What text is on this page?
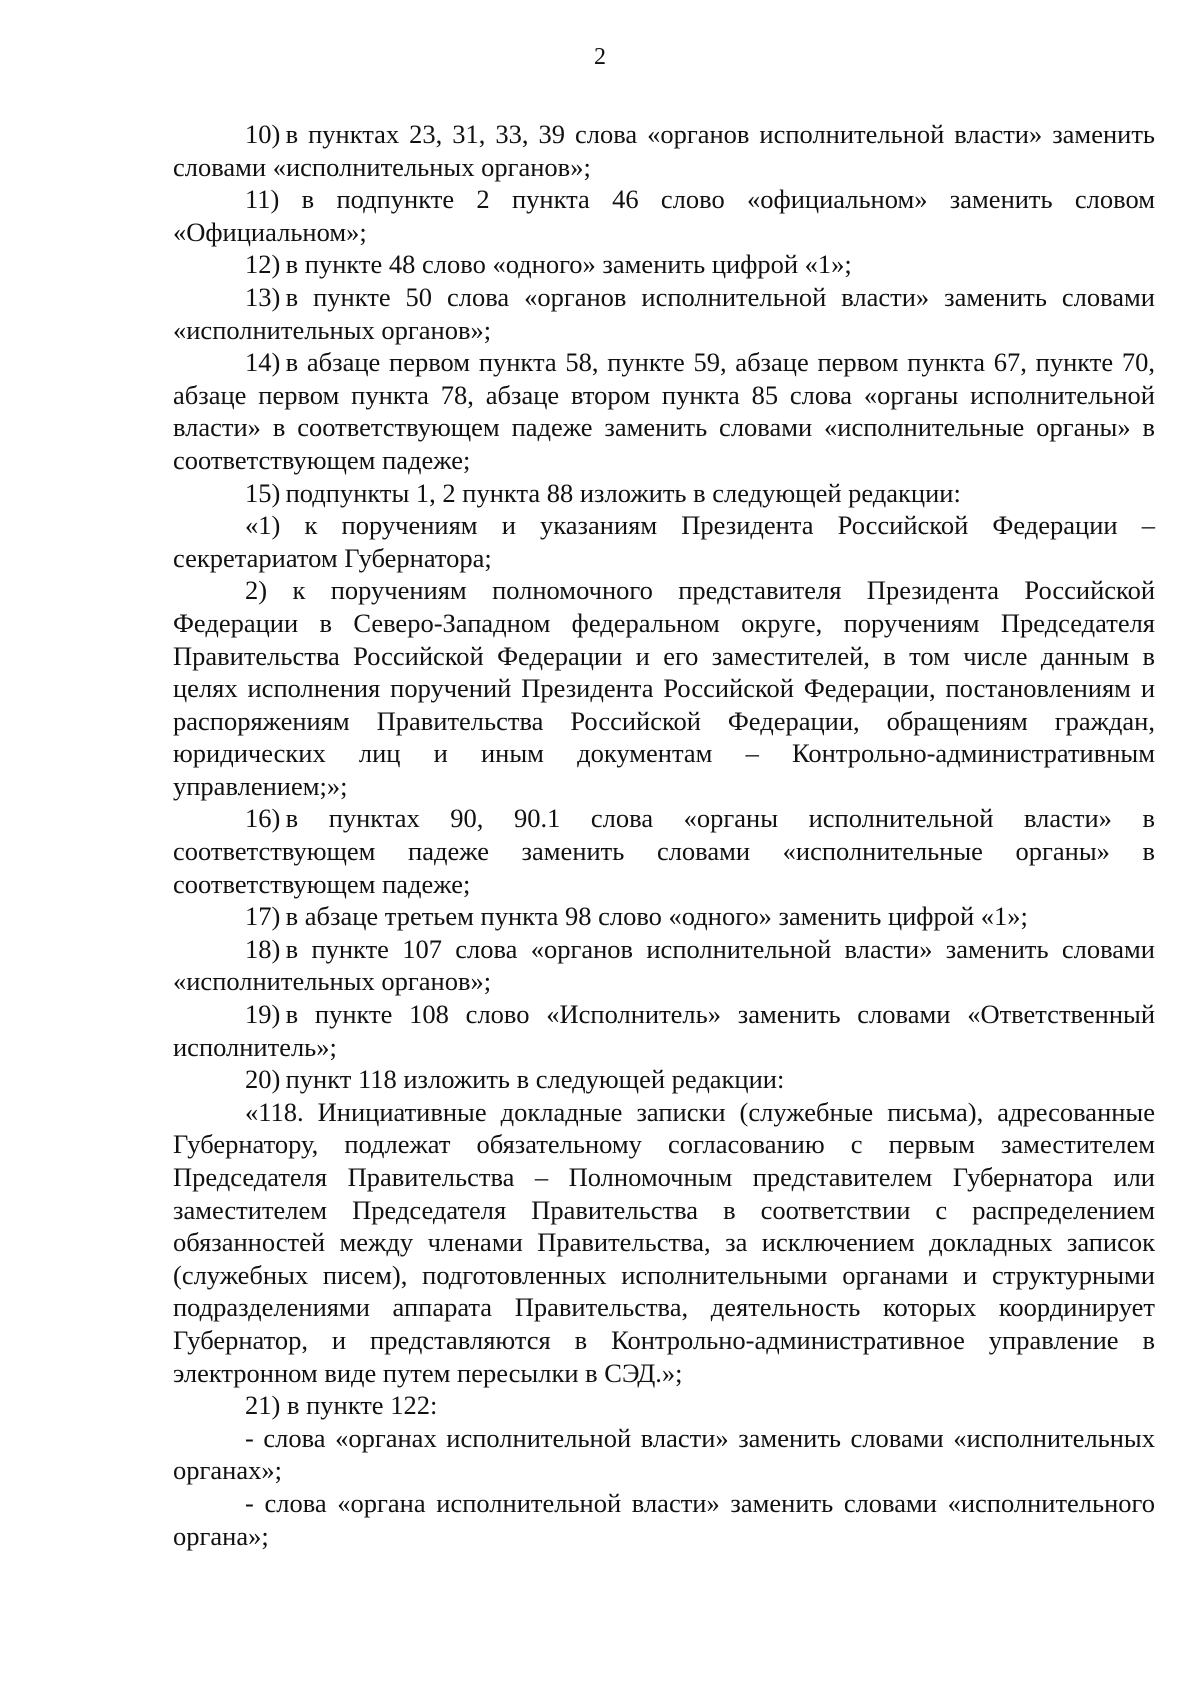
2

10) в пунктах 23, 31, 33, 39 слова «органов исполнительной власти» заменить словами «исполнительных органов»;

11) в подпункте 2 пункта 46 слово «официальном» заменить словом «Официальном»;

12) в пункте 48 слово «одного» заменить цифрой «1»;

13) в пункте 50 слова «органов исполнительной власти» заменить словами «исполнительных органов»;

14) в абзаце первом пункта 58, пункте 59, абзаце первом пункта 67, пункте 70, абзаце первом пункта 78, абзаце втором пункта 85 слова «органы исполнительной власти» в соответствующем падеже заменить словами «исполнительные органы» в соответствующем падеже;

15) подпункты 1, 2 пункта 88 изложить в следующей редакции:

«1) к поручениям и указаниям Президента Российской Федерации – секретариатом Губернатора;

2) к поручениям полномочного представителя Президента Российской Федерации в Северо-Западном федеральном округе, поручениям Председателя Правительства Российской Федерации и его заместителей, в том числе данным в целях исполнения поручений Президента Российской Федерации, постановлениям и распоряжениям Правительства Российской Федерации, обращениям граждан, юридических лиц и иным документам – Контрольно-административным управлением;»;

16) в пунктах 90, 90.1 слова «органы исполнительной власти» в соответствующем падеже заменить словами «исполнительные органы» в соответствующем падеже;

17) в абзаце третьем пункта 98 слово «одного» заменить цифрой «1»;

18) в пункте 107 слова «органов исполнительной власти» заменить словами «исполнительных органов»;

19) в пункте 108 слово «Исполнитель» заменить словами «Ответственный исполнитель»;

20) пункт 118 изложить в следующей редакции:

«118. Инициативные докладные записки (служебные письма), адресованные Губернатору, подлежат обязательному согласованию с первым заместителем Председателя Правительства – Полномочным представителем Губернатора или заместителем Председателя Правительства в соответствии с распределением обязанностей между членами Правительства, за исключением докладных записок (служебных писем), подготовленных исполнительными органами и структурными подразделениями аппарата Правительства, деятельность которых координирует Губернатор, и представляются в Контрольно-административное управление в электронном виде путем пересылки в СЭД.»;

21) в пункте 122:

- слова «органах исполнительной власти» заменить словами «исполнительных органах»;

- слова «органа исполнительной власти» заменить словами «исполнительного органа»;
